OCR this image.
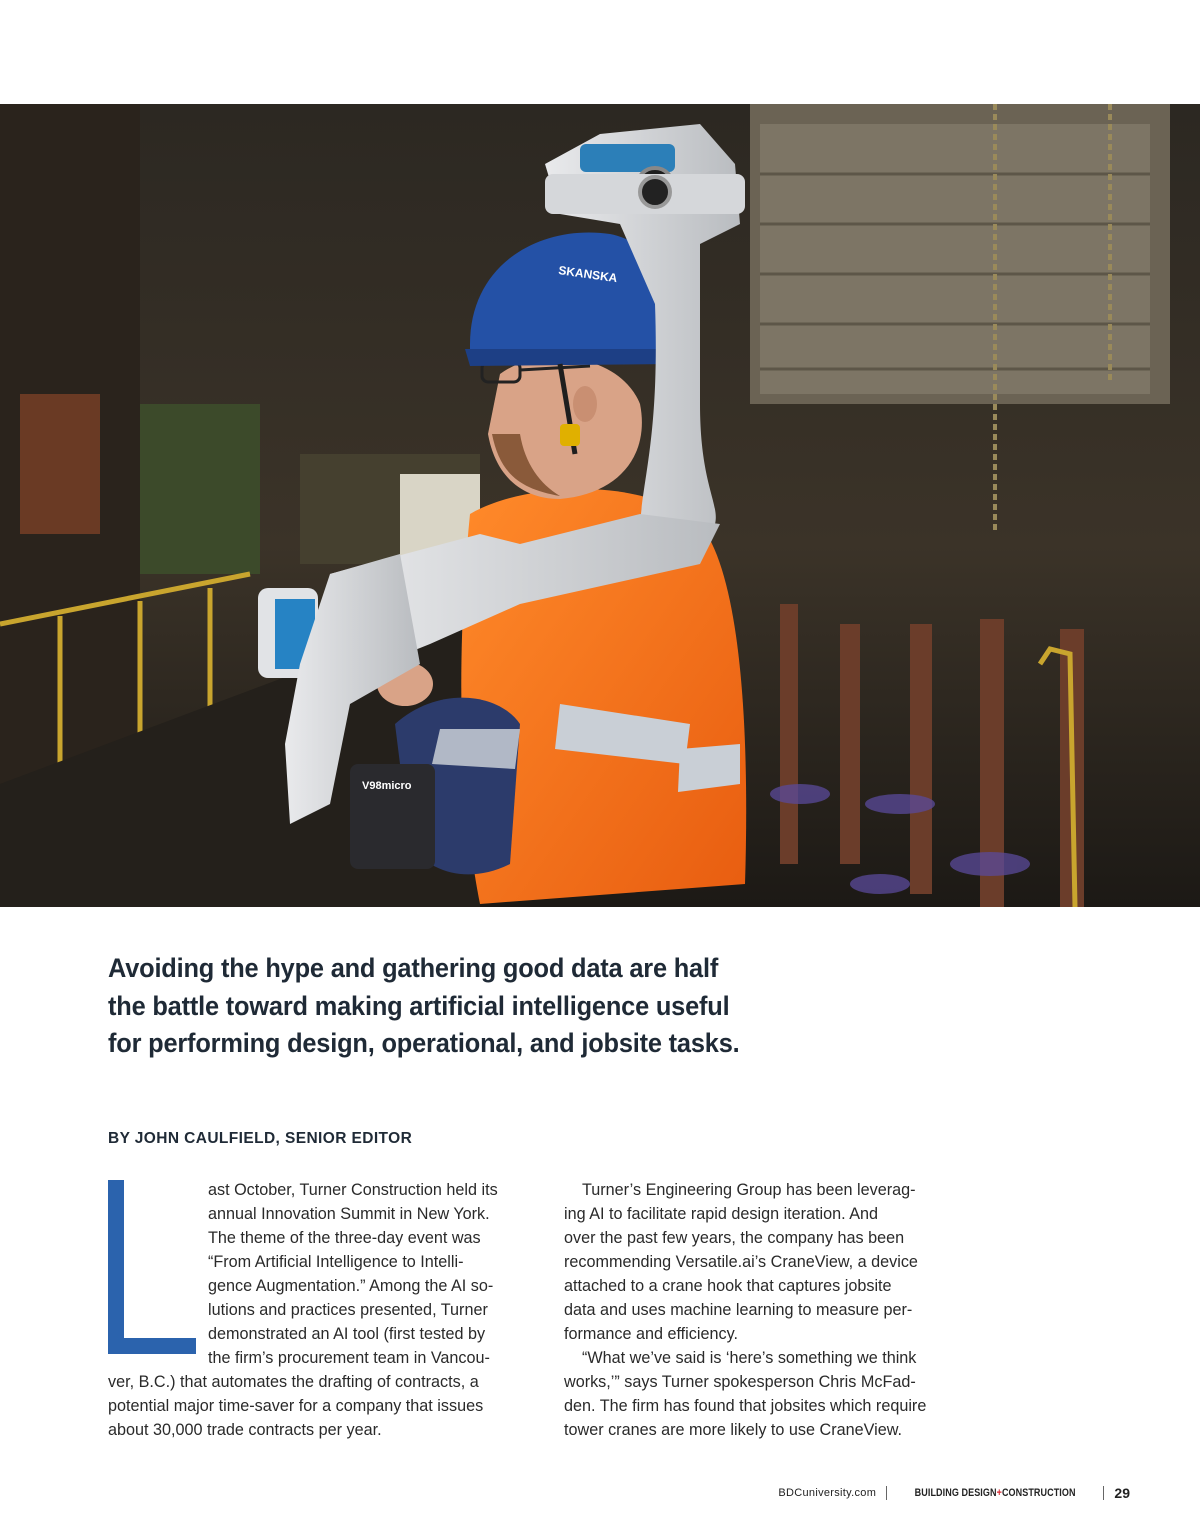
SKANSKA
V98micro
Avoiding the hype and gathering good data are half
the battle toward making artificial intelligence useful
for performing design, operational, and jobsite tasks.
BY JOHN CAULFIELD, SENIOR EDITOR

ast October, Turner Construction held its
annual Innovation Summit in New York.
The theme of the three-day event was
“From Artificial Intelligence to Intelli-
gence Augmentation.” Among the AI so-
lutions and practices presented, Turner
demonstrated an AI tool (first tested by
the firm’s procurement team in Vancou-
ver, B.C.) that automates the drafting of contracts, a
potential major time-saver for a company that issues
about 30,000 trade contracts per year.

Turner’s Engineering Group has been leverag-
ing AI to facilitate rapid design iteration. And
over the past few years, the company has been
recommending Versatile.ai’s CraneView, a device
attached to a crane hook that captures jobsite
data and uses machine learning to measure per-
formance and efficiency.

“What we’ve said is ‘here’s something we think
works,’” says Turner spokesperson Chris McFad-
den. The firm has found that jobsites which require
tower cranes are more likely to use CraneView.

BDCuniversity.com	BUILDING DESIGN+CONSTRUCTION	29
